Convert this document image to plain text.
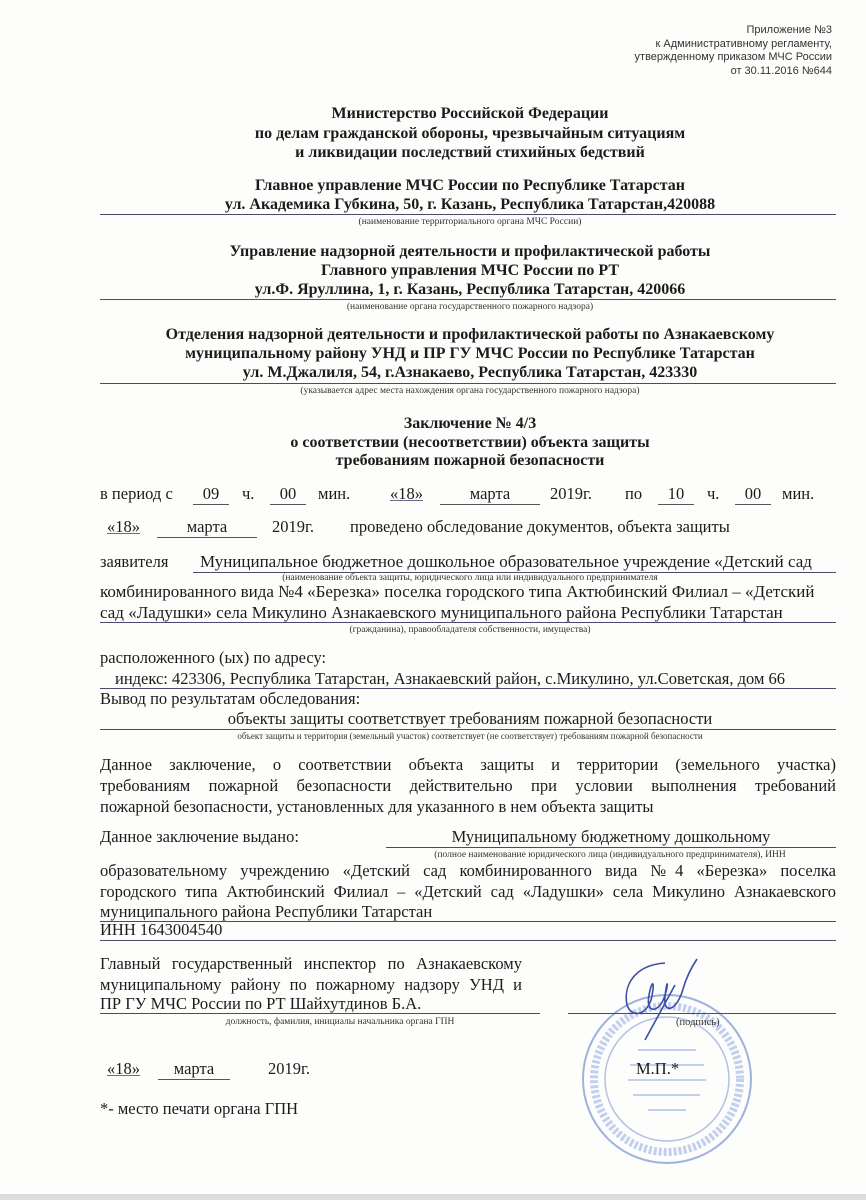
Приложение №3
к Административному регламенту,
утвержденному приказом МЧС России
от 30.11.2016 №644
Министерство Российской Федерации
по делам гражданской обороны, чрезвычайным ситуациям
и ликвидации последствий стихийных бедствий
Главное управление МЧС России по Республике Татарстан
ул. Академика Губкина, 50, г. Казань, Республика Татарстан,420088
(наименование территориального органа МЧС России)
Управление надзорной деятельности и профилактической работы
Главного управления МЧС России по РТ
ул.Ф. Яруллина, 1, г. Казань, Республика Татарстан, 420066
(наименование органа государственного пожарного надзора)
Отделения надзорной деятельности и профилактической работы по Азнакаевскому
муниципальному району УНД и ПР ГУ МЧС России по Республике Татарстан
ул. М.Джалиля, 54, г.Азнакаево, Республика Татарстан, 423330
(указывается адрес места нахождения органа государственного пожарного надзора)
Заключение № 4/3
о соответствии (несоответствии) объекта защиты
требованиям пожарной безопасности
в период с	09	ч.	00	мин. «18»	марта	2019г. по	10	ч.	00	мин.
«18»	марта	2019г. проведено обследование документов, объекта защиты
заявителя Муниципальное бюджетное дошкольное образовательное учреждение «Детский сад
(наименование объекта защиты, юридического лица или индивидуального предпринимателя
комбинированного вида №4 «Березка» поселка городского типа Актюбинский Филиал – «Детский
сад «Ладушки» села Микулино Азнакаевского муниципального района Республики Татарстан
(гражданина), правообладателя собственности, имущества)
расположенного (ых) по адресу:
индекс: 423306, Республика Татарстан, Азнакаевский район, с.Микулино, ул.Советская, дом 66
Вывод по результатам обследования:
объекты защиты соответствует требованиям пожарной безопасности
объект защиты и территория (земельный участок) соответствует (не соответствует) требованиям пожарной безопасности
Данное заключение, о соответствии объекта защиты и территории (земельного участка)
требованиям пожарной безопасности действительно при условии выполнения требований
пожарной безопасности, установленных для указанного в нем объекта защиты
Данное заключение выдано:	Муниципальному бюджетному дошкольному
(полное наименование юридического лица (индивидуального предпринимателя), ИНН
образовательному учреждению «Детский сад комбинированного вида №4 «Березка» поселка
городского типа Актюбинский Филиал – «Детский сад «Ладушки» села Микулино Азнакаевского
муниципального района Республики Татарстан
ИНН 1643004540
Главный государственный инспектор по Азнакаевскому
муниципальному району по пожарному надзору УНД и
ПР ГУ МЧС России по РТ Шайхутдинов Б.А.
должность, фамилия, инициалы начальника органа ГПН	(подпись)
«18»	марта	2019г.	М.П.*
*- место печати органа ГПН
